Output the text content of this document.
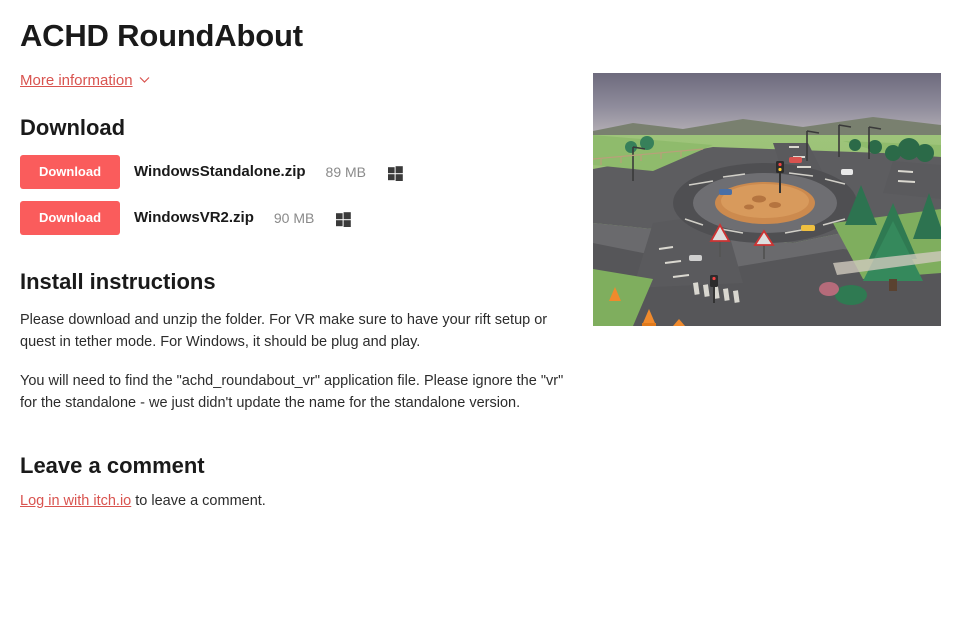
ACHD RoundAbout
More information
Download
Download	WindowsStandalone.zip 89 MB
Download	WindowsVR2.zip 90 MB
Install instructions

Please download and unzip the folder. For VR make sure to have your rift setup or quest in tether mode. For Windows, it should be plug and play.

You will need to find the "achd_roundabout_vr" application file. Please ignore the "vr" for the standalone - we just didn't update the name for the standalone version.

Leave a comment
Log in with itch.io to leave a comment.
